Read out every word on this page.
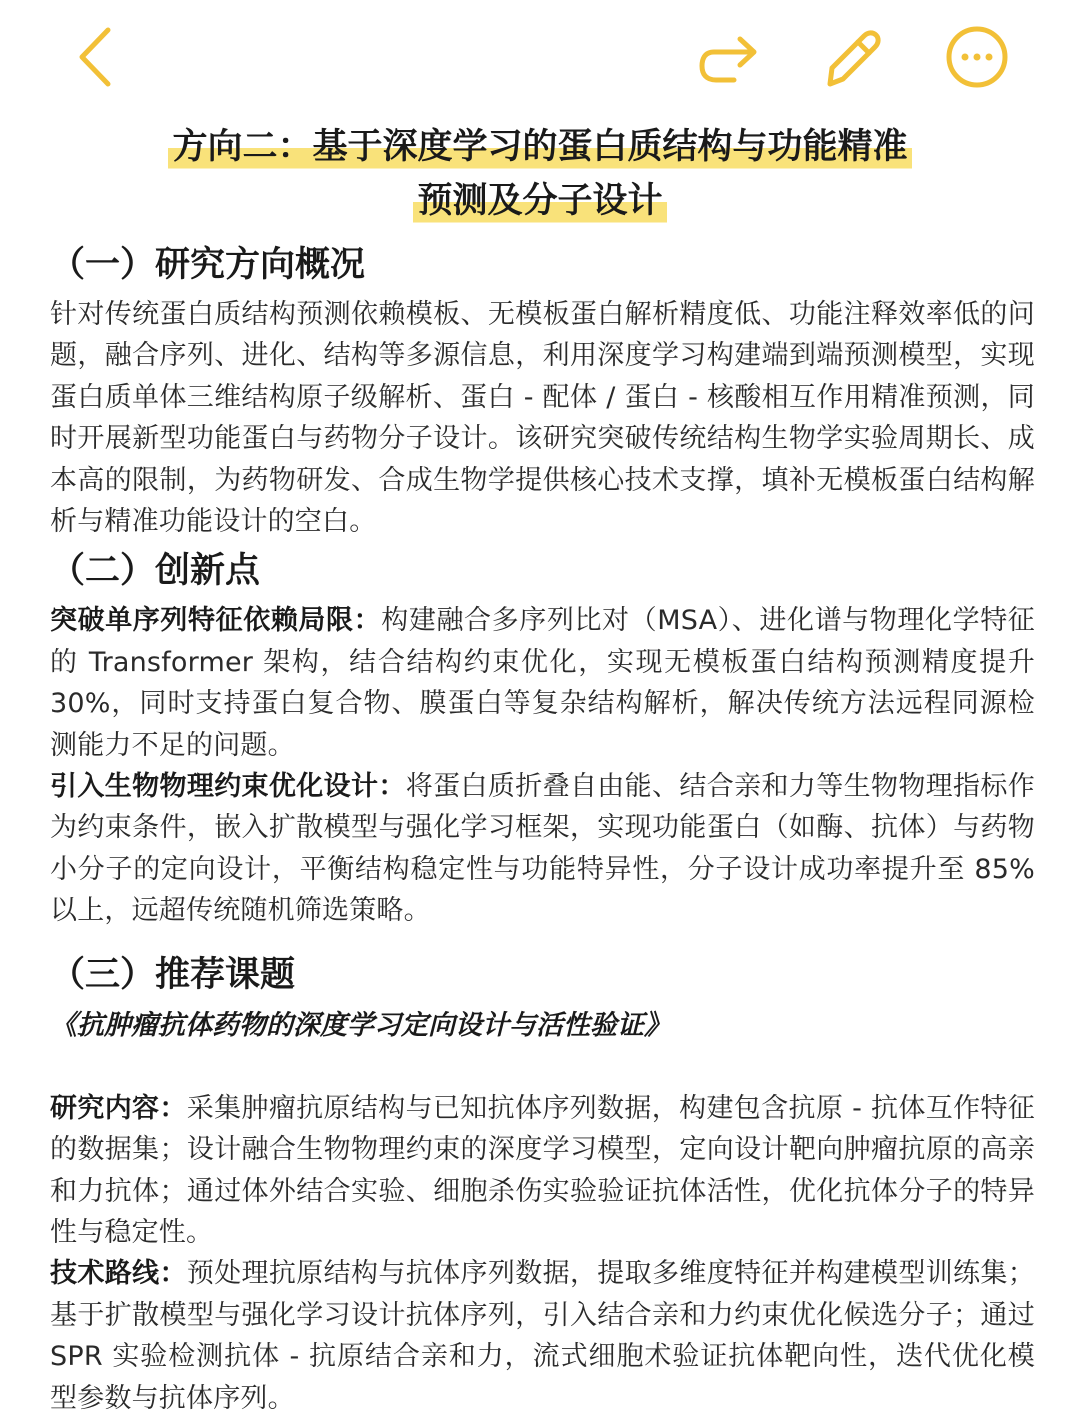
方向二：基于深度学习的蛋白质结构与功能精准
预测及分子设计
（一）研究方向概况

针对传统蛋白质结构预测依赖模板、无模板蛋白解析精度低、功能注释效率低的问题，融合序列、进化、结构等多源信息，利用深度学习构建端到端预测模型，实现蛋白质单体三维结构原子级解析、蛋白 - 配体 / 蛋白 - 核酸相互作用精准预测，同时开展新型功能蛋白与药物分子设计。该研究突破传统结构生物学实验周期长、成本高的限制，为药物研发、合成生物学提供核心技术支撑，填补无模板蛋白结构解析与精准功能设计的空白。

（二）创新点

突破单序列特征依赖局限：构建融合多序列比对（MSA）、进化谱与物理化学特征的 Transformer 架构，结合结构约束优化，实现无模板蛋白结构预测精度提升 30%，同时支持蛋白复合物、膜蛋白等复杂结构解析，解决传统方法远程同源检测能力不足的问题。

引入生物物理约束优化设计：将蛋白质折叠自由能、结合亲和力等生物物理指标作为约束条件，嵌入扩散模型与强化学习框架，实现功能蛋白（如酶、抗体）与药物小分子的定向设计，平衡结构稳定性与功能特异性，分子设计成功率提升至 85% 以上，远超传统随机筛选策略。

（三）推荐课题

《抗肿瘤抗体药物的深度学习定向设计与活性验证》

研究内容：采集肿瘤抗原结构与已知抗体序列数据，构建包含抗原 - 抗体互作特征的数据集；设计融合生物物理约束的深度学习模型，定向设计靶向肿瘤抗原的高亲和力抗体；通过体外结合实验、细胞杀伤实验验证抗体活性，优化抗体分子的特异性与稳定性。

技术路线：预处理抗原结构与抗体序列数据，提取多维度特征并构建模型训练集；基于扩散模型与强化学习设计抗体序列，引入结合亲和力约束优化候选分子；通过 SPR 实验检测抗体 - 抗原结合亲和力，流式细胞术验证抗体靶向性，迭代优化模型参数与抗体序列。
